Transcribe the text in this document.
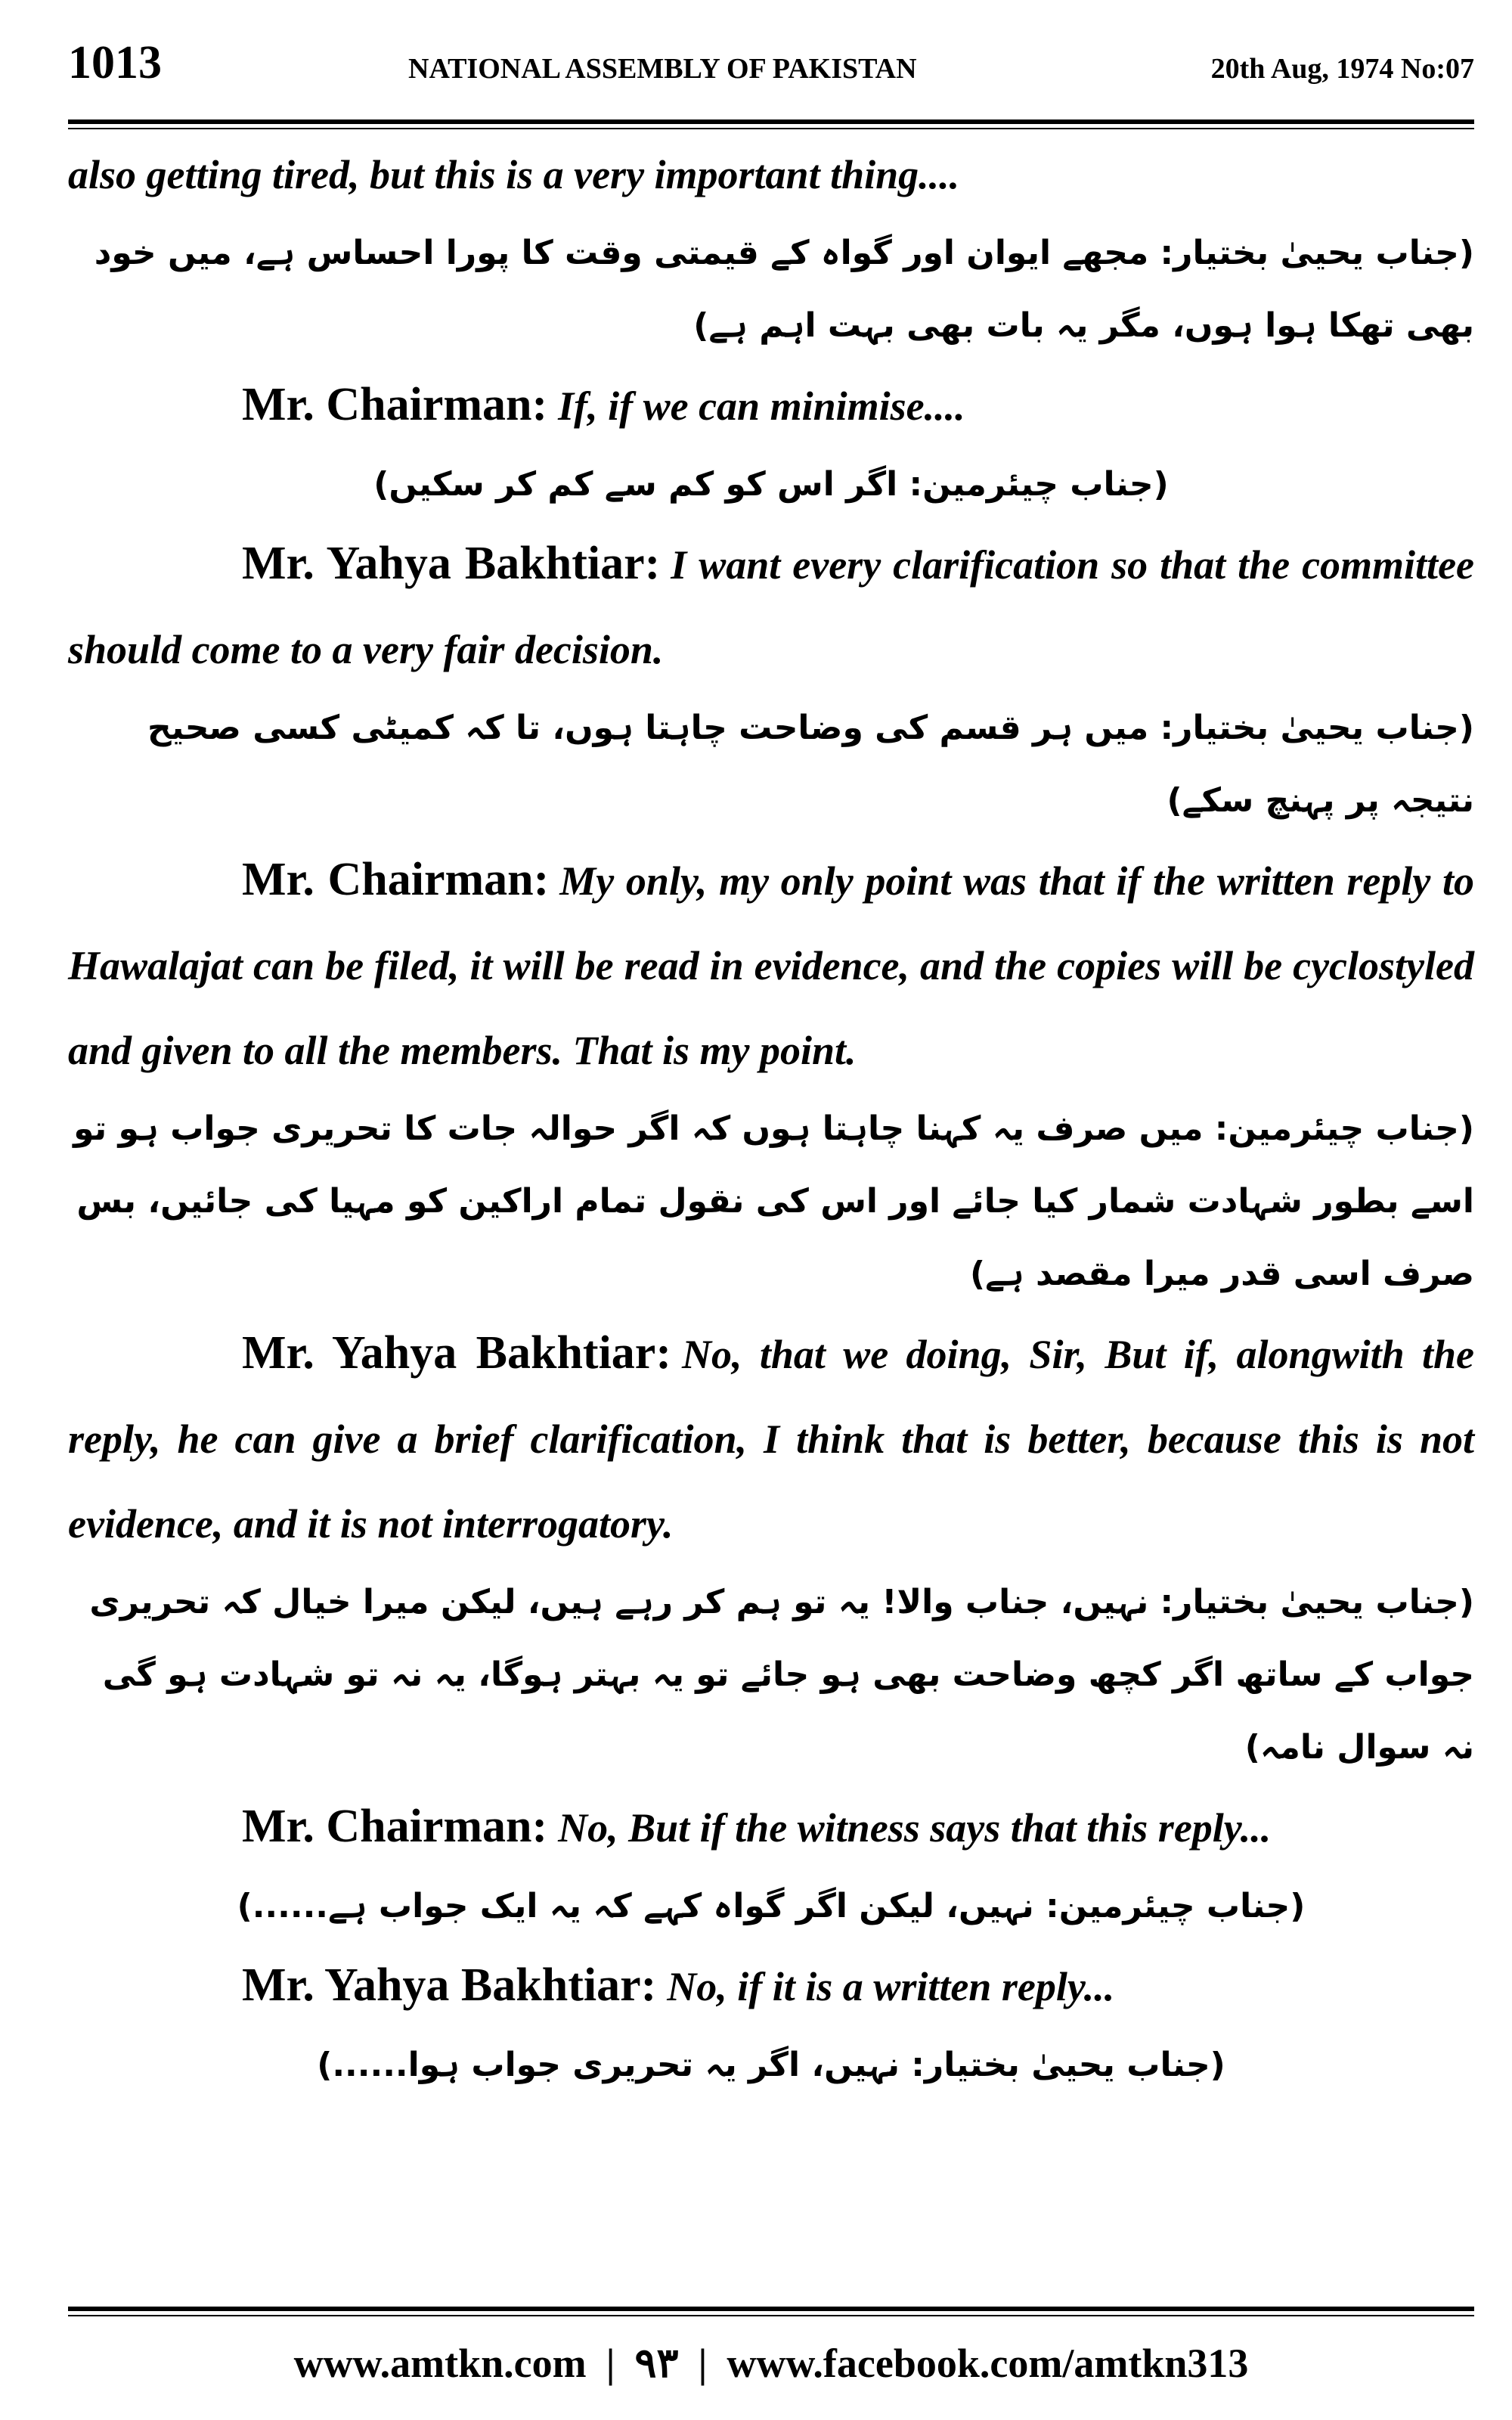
1013	NATIONAL ASSEMBLY OF PAKISTAN	20th Aug, 1974 No:07

also getting tired, but this is a very important thing....

(جناب یحییٰ بختیار: مجھے ایوان اور گواہ کے قیمتی وقت کا پورا احساس ہے، میں خود بھی تھکا ہوا ہوں، مگر یہ بات بھی بہت اہم ہے)

Mr. Chairman: If, if we can minimise....

(جناب چیئرمین: اگر اس کو کم سے کم کر سکیں)

Mr. Yahya Bakhtiar: I want every clarification so that the committee should come to a very fair decision.

(جناب یحییٰ بختیار: میں ہر قسم کی وضاحت چاہتا ہوں، تا کہ کمیٹی کسی صحیح نتیجہ پر پہنچ سکے)

Mr. Chairman: My only, my only point was that if the written reply to Hawalajat can be filed, it will be read in evidence, and the copies will be cyclostyled and given to all the members. That is my point.

(جناب چیئرمین: میں صرف یہ کہنا چاہتا ہوں کہ اگر حوالہ جات کا تحریری جواب ہو تو اسے بطور شہادت شمار کیا جائے اور اس کی نقول تمام اراکین کو مہیا کی جائیں، بس صرف اسی قدر میرا مقصد ہے)

Mr. Yahya Bakhtiar: No, that we doing, Sir, But if, alongwith the reply, he can give a brief clarification, I think that is better, because this is not evidence, and it is not interrogatory.

(جناب یحییٰ بختیار: نہیں، جناب والا! یہ تو ہم کر رہے ہیں، لیکن میرا خیال کہ تحریری جواب کے ساتھ اگر کچھ وضاحت بھی ہو جائے تو یہ بہتر ہوگا، یہ نہ تو شہادت ہو گی نہ سوال نامہ)

Mr. Chairman: No, But if the witness says that this reply...

(جناب چیئرمین: نہیں، لیکن اگر گواہ کہے کہ یہ ایک جواب ہے......)

Mr. Yahya Bakhtiar: No, if it is a written reply...

(جناب یحییٰ بختیار: نہیں، اگر یہ تحریری جواب ہوا......)

www.amtkn.com | ۹۳ | www.facebook.com/amtkn313
